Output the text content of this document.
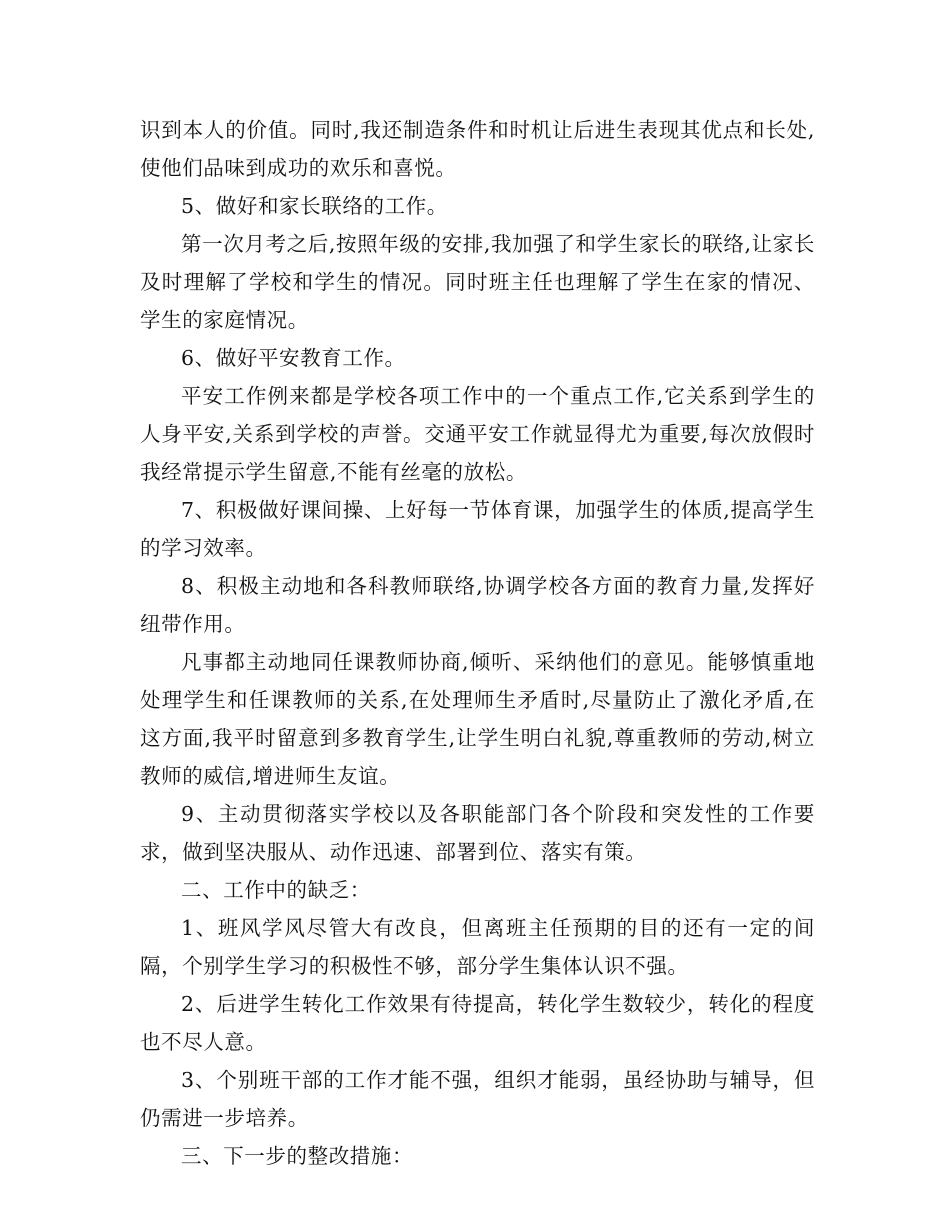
识到本人的价值。同时,我还制造条件和时机让后进生表现其优点和长处,使他们品味到成功的欢乐和喜悦。

5、做好和家长联络的工作。

第一次月考之后,按照年级的安排,我加强了和学生家长的联络,让家长及时理解了学校和学生的情况。同时班主任也理解了学生在家的情况、学生的家庭情况。

6、做好平安教育工作。

平安工作例来都是学校各项工作中的一个重点工作,它关系到学生的人身平安,关系到学校的声誉。交通平安工作就显得尤为重要,每次放假时我经常提示学生留意,不能有丝毫的放松。

7、积极做好课间操、上好每一节体育课，加强学生的体质,提高学生的学习效率。

8、积极主动地和各科教师联络,协调学校各方面的教育力量,发挥好纽带作用。

凡事都主动地同任课教师协商,倾听、采纳他们的意见。能够慎重地处理学生和任课教师的关系,在处理师生矛盾时,尽量防止了激化矛盾,在这方面,我平时留意到多教育学生,让学生明白礼貌,尊重教师的劳动,树立教师的威信,增进师生友谊。

9、主动贯彻落实学校以及各职能部门各个阶段和突发性的工作要求，做到坚决服从、动作迅速、部署到位、落实有策。

二、工作中的缺乏：

1、班风学风尽管大有改良，但离班主任预期的目的还有一定的间隔，个别学生学习的积极性不够，部分学生集体认识不强。

2、后进学生转化工作效果有待提高，转化学生数较少，转化的程度也不尽人意。

3、个别班干部的工作才能不强，组织才能弱，虽经协助与辅导，但仍需进一步培养。

三、下一步的整改措施：
